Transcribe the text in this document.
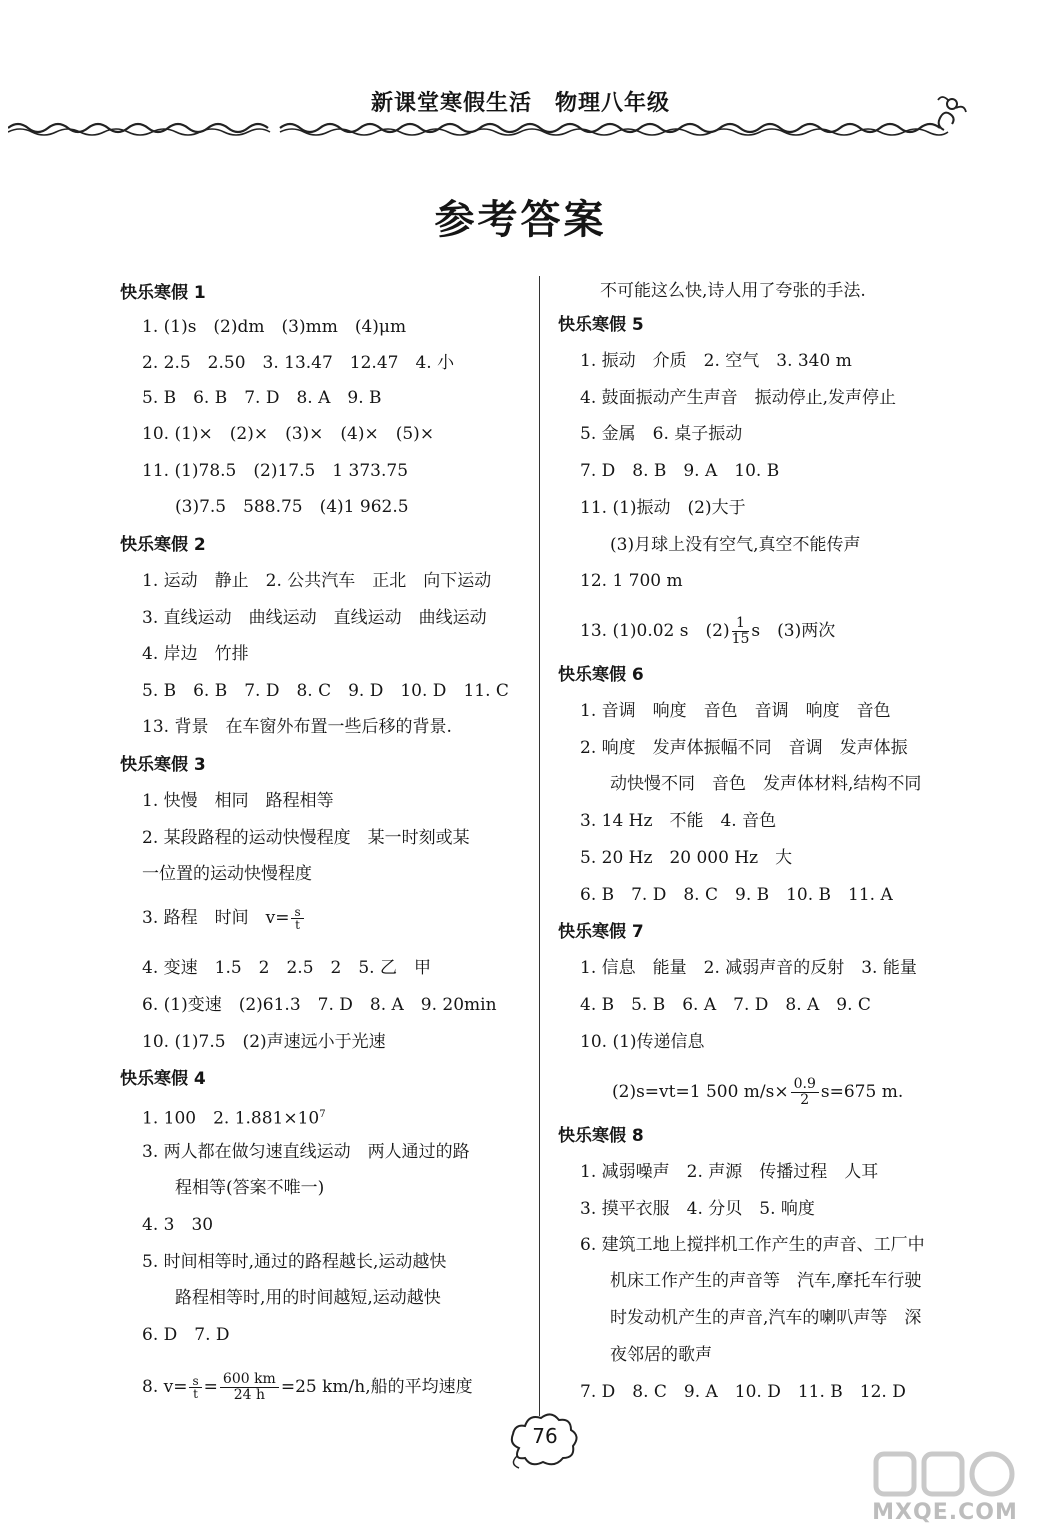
新课堂寒假生活　物理八年级
参考答案
快乐寒假 1
1. (1)s　(2)dm　(3)mm　(4)μm
2. 2.5　2.50　3. 13.47　12.47　4. 小
5. B　6. B　7. D　8. A　9. B
10. (1)×　(2)×　(3)×　(4)×　(5)×
11. (1)78.5　(2)17.5　1 373.75
(3)7.5　588.75　(4)1 962.5
快乐寒假 2
1. 运动　静止　2. 公共汽车　正北　向下运动
3. 直线运动　曲线运动　直线运动　曲线运动
4. 岸边　竹排
5. B　6. B　7. D　8. C　9. D　10. D　11. C
13. 背景　在车窗外布置一些后移的背景.
快乐寒假 3
1. 快慢　相同　路程相等
2. 某段路程的运动快慢程度　某一时刻或某
一位置的运动快慢程度
3. 路程　时间　$v= \frac{s}{t}$
4. 变速　1.5　2　2.5　2　5. 乙　甲
6. (1)变速　(2)61.3　7. D　8. A　9. 20min
10. (1)7.5　(2)声速远小于光速
快乐寒假 4
1. 100　2. $1.881\times 10^7$
3. 两人都在做匀速直线运动　两人通过的路
程相等(答案不唯一)
4. 3　30
5. 时间相等时,通过的路程越长,运动越快
路程相等时,用的时间越短,运动越快
6. D　7. D
8. $v= \frac{s}{t} = \frac{600 km}{24 h} =25$ km/h,船的平均速度
不可能这么快,诗人用了夸张的手法.
快乐寒假 5
1. 振动　介质　2. 空气　3. 340 m
4. 鼓面振动产生声音　振动停止,发声停止
5. 金属　6. 桌子振动
7. D　8. B　9. A　10. B
11. (1)振动　(2)大于
(3)月球上没有空气,真空不能传声
12. 1 700 m
13. (1)0.02 s　$(2) \frac{1}{15}$ s　(3)两次
快乐寒假 6
1. 音调　响度　音色　音调　响度　音色
2. 响度　发声体振幅不同　音调　发声体振
动快慢不同　音色　发声体材料,结构不同
3. 14 Hz　不能　4. 音色
5. 20 Hz　20 000 Hz　大
6. B　7. D　8. C　9. B　10. B　11. A
快乐寒假 7
1. 信息　能量　2. 减弱声音的反射　3. 能量
4. B　5. B　6. A　7. D　8. A　9. C
10. (1)传递信息
(2)s=vt=1 500 $m/s\times \frac{0.9}{2} s=675$ m.
快乐寒假 8
1. 减弱噪声　2. 声源　传播过程　人耳
3. 摸平衣服　4. 分贝　5. 响度
6. 建筑工地上搅拌机工作产生的声音、工厂中
机床工作产生的声音等　汽车,摩托车行驶
时发动机产生的声音,汽车的喇叭声等　深
夜邻居的歌声
7. D　8. C　9. A　10. D　11. B　12. D
76
MXQE.COM
